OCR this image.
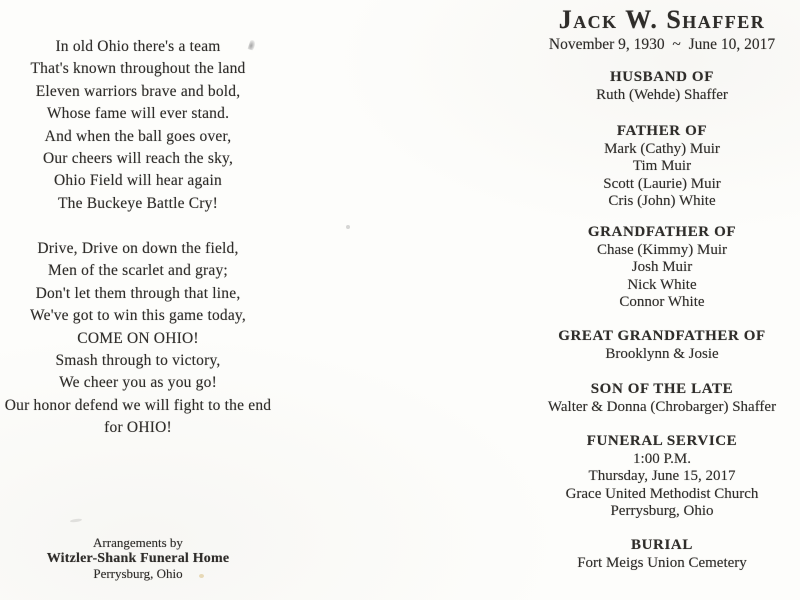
In old Ohio there's a team
That's known throughout the land
Eleven warriors brave and bold,
Whose fame will ever stand.
And when the ball goes over,
Our cheers will reach the sky,
Ohio Field will hear again
The Buckeye Battle Cry!
Drive, Drive on down the field,
Men of the scarlet and gray;
Don't let them through that line,
We've got to win this game today,
COME ON OHIO!
Smash through to victory,
We cheer you as you go!
Our honor defend we will fight to the end
for OHIO!
Arrangements by
Witzler-Shank Funeral Home
Perrysburg, Ohio
Jack W. Shaffer
November 9, 1930  ~  June 10, 2017
HUSBAND OF
Ruth (Wehde) Shaffer
FATHER OF
Mark (Cathy) Muir
Tim Muir
Scott (Laurie) Muir
Cris (John) White
GRANDFATHER OF
Chase (Kimmy) Muir
Josh Muir
Nick White
Connor White
GREAT GRANDFATHER OF
Brooklynn & Josie
SON OF THE LATE
Walter & Donna (Chrobarger) Shaffer
FUNERAL SERVICE
1:00 P.M.
Thursday, June 15, 2017
Grace United Methodist Church
Perrysburg, Ohio
BURIAL
Fort Meigs Union Cemetery
